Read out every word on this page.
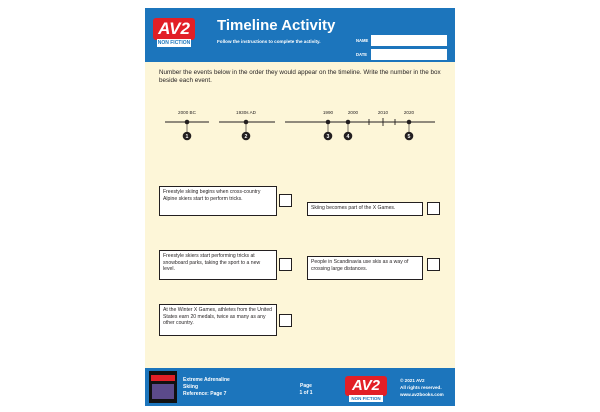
AV2
NON FICTION
Timeline Activity
Follow the instructions to complete the activity.	NAME
DATE
Number the events below in the order they would appear on the timeline. Write the number in the box beside each event.
2000 BC	1930s AD	1990	2000	2010	2020
1	2	3	4	5
Freestyle skiing begins when cross-country Alpine skiers start to perform tricks.
Skiing becomes part of the X Games.
Freestyle skiers start performing tricks at snowboard parks, taking the sport to a new level.
People in Scandinavia use skis as a way of crossing large distances.
At the Winter X Games, athletes from the United States earn 20 medals, twice as many as any other country.
Extreme Adrenaline
Skiing
Reference: Page 7
Page
1 of 1	AV2
NON FICTION
© 2021 AV2
All rights reserved.
www.av2books.com
